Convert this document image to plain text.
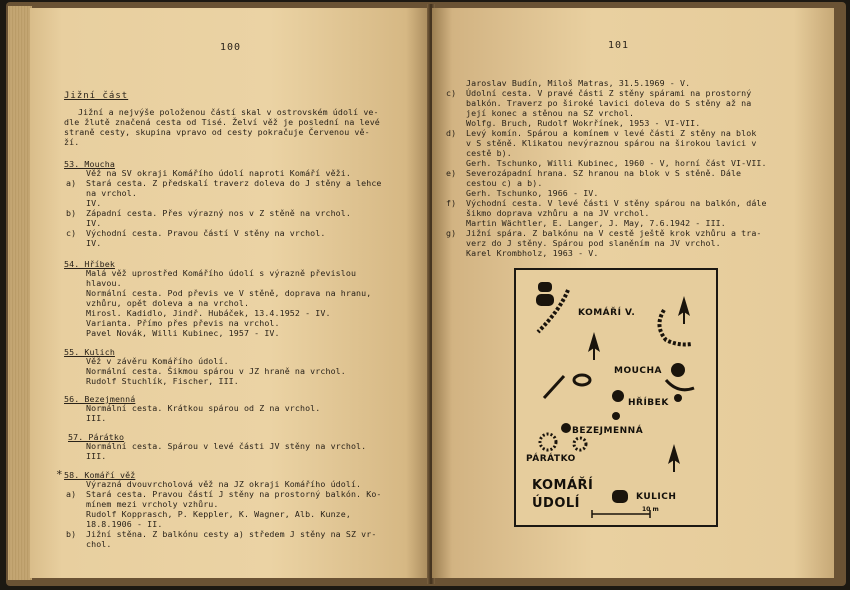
100
Jižní část
Jižní a nejvýše položenou částí skal v ostrovském údolí ve-
dle žlutě značená cesta od Tisé. Želví věž je poslední na levé
straně cesty, skupina vpravo od cesty pokračuje Červenou vě-
ží.
53. Moucha
Věž na SV okraji Komářího údolí naproti Komáří věži.
a) Stará cesta. Z předskalí traverz doleva do J stěny a lehce
na vrchol.
IV.
b) Západní cesta. Přes výrazný nos v Z stěně na vrchol.
IV.
c) Východní cesta. Pravou částí V stěny na vrchol.
IV.
54. Hříbek
Malá věž uprostřed Komářího údolí s výrazně převislou
hlavou.
Normální cesta. Pod převis ve V stěně, doprava na hranu,
vzhůru, opět doleva a na vrchol.
Mirosl. Kadidlo, Jindř. Hubáček, 13.4.1952 - IV.
Varianta. Přímo přes převis na vrchol.
Pavel Novák, Willi Kubinec, 1957 - IV.
55. Kulich
Věž v závěru Komářího údolí.
Normální cesta. Šikmou spárou v JZ hraně na vrchol.
Rudolf Stuchlík, Fischer, III.
56. Bezejmenná
Normální cesta. Krátkou spárou od Z na vrchol.
III.
57. Párátko
Normální cesta. Spárou v levé části JV stěny na vrchol.
III.
* 58. Komáří věž
Výrazná dvouvrcholová věž na JZ okraji Komářího údolí.
a) Stará cesta. Pravou částí J stěny na prostorný balkón. Ko-
mínem mezi vrcholy vzhůru.
Rudolf Kopprasch, P. Keppler, K. Wagner, Alb. Kunze,
18.8.1906 - II.
b) Jižní stěna. Z balkónu cesty a) středem J stěny na SZ vr-
chol.
101
Jaroslav Budín, Miloš Matras, 31.5.1969 - V.
c) Údolní cesta. V pravé části Z stěny spárami na prostorný
balkón. Traverz po široké lavici doleva do S stěny až na
její konec a stěnou na SZ vrchol.
Wolfg. Bruch, Rudolf Wokrřínek, 1953 - VI-VII.
d) Levý komín. Spárou a komínem v levé části Z stěny na blok
v S stěně. Klikatou nevýraznou spárou na širokou lavici v
cestě b).
Gerh. Tschunko, Willi Kubinec, 1960 - V, horní část VI-VII.
e) Severozápadní hrana. SZ hranou na blok v S stěně. Dále
cestou c) a b).
Gerh. Tschunko, 1966 - IV.
f) Východní cesta. V levé části V stěny spárou na balkón, dále
šikmo doprava vzhůru a na JV vrchol.
Martin Wächtler, E. Langer, J. May, 7.6.1942 - III.
g) Jižní spára. Z balkónu na V cestě ještě krok vzhůru a tra-
verz do J stěny. Spárou pod slaněním na JV vrchol.
Karel Krombholz, 1963 - V.
KOMÁŘÍ V.
MOUCHA
HŘÍBEK
BEZEJMENNÁ
PÁRÁTKO
KOMÁŘÍ
ÚDOLÍ	KULICH
10 m
